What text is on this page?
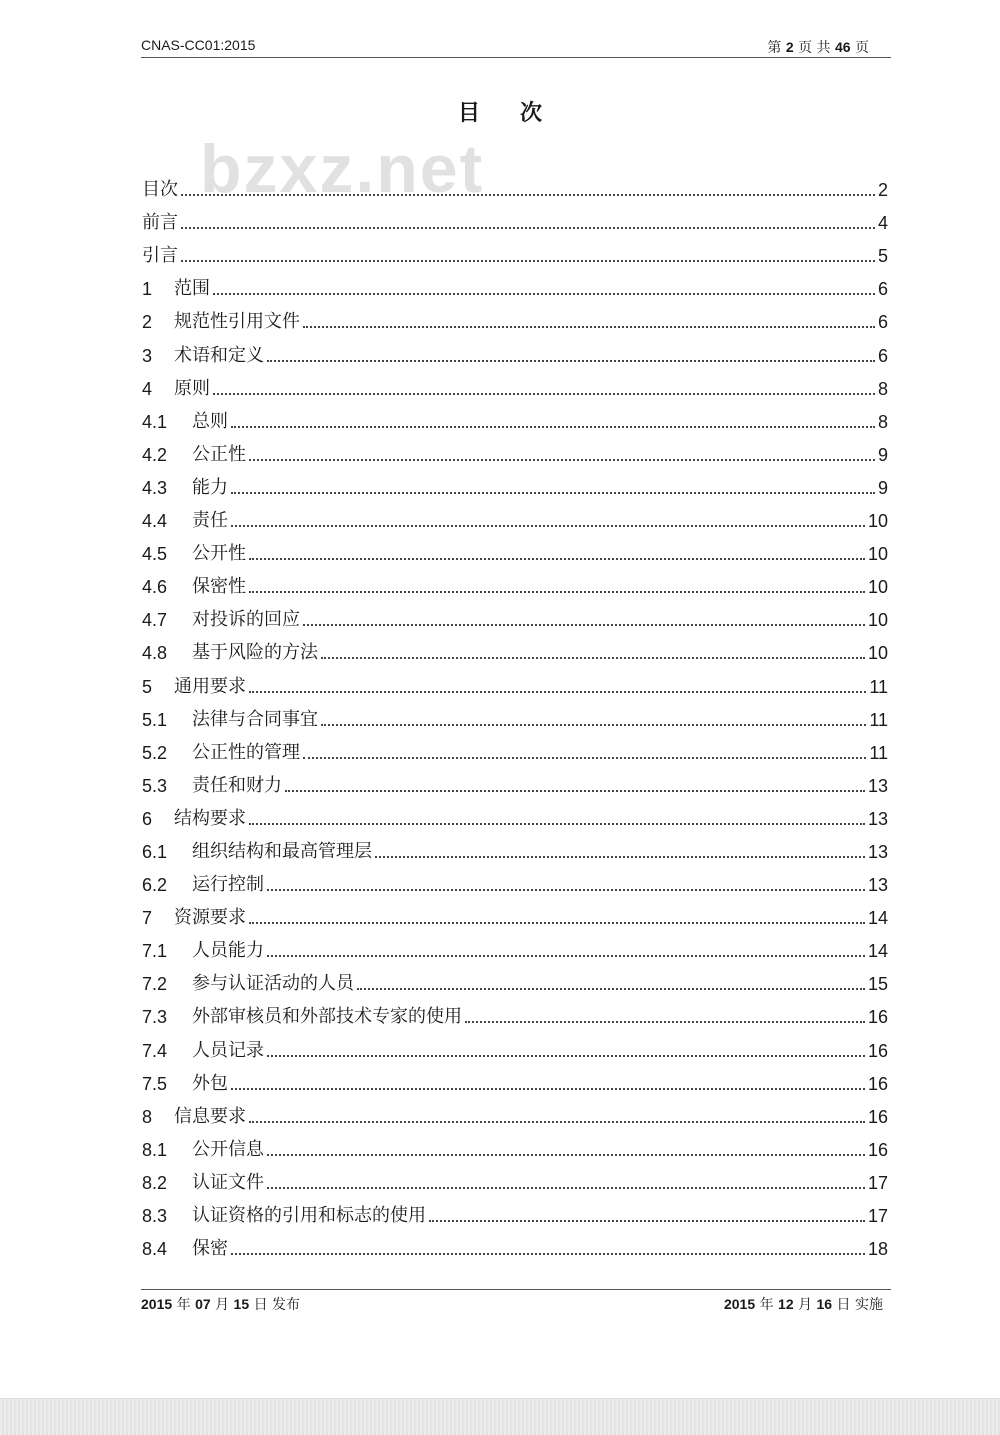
CNAS-CC01:2015	第 2 页 共 46 页
目 次
bzxz.net
目次	2
前言	4
引言	5
1	范围	6
2	规范性引用文件	6
3	术语和定义	6
4	原则	8
4.1	总则	8
4.2	公正性	9
4.3	能力	9
4.4	责任	10
4.5	公开性	10
4.6	保密性	10
4.7	对投诉的回应	10
4.8	基于风险的方法	10
5	通用要求	11
5.1	法律与合同事宜	11
5.2	公正性的管理	11
5.3	责任和财力	13
6	结构要求	13
6.1	组织结构和最高管理层	13
6.2	运行控制	13
7	资源要求	14
7.1	人员能力	14
7.2	参与认证活动的人员	15
7.3	外部审核员和外部技术专家的使用	16
7.4	人员记录	16
7.5	外包	16
8	信息要求	16
8.1	公开信息	16
8.2	认证文件	17
8.3	认证资格的引用和标志的使用	17
8.4	保密	18
2015 年 07 月 15 日 发布	2015 年 12 月 16 日 实施
